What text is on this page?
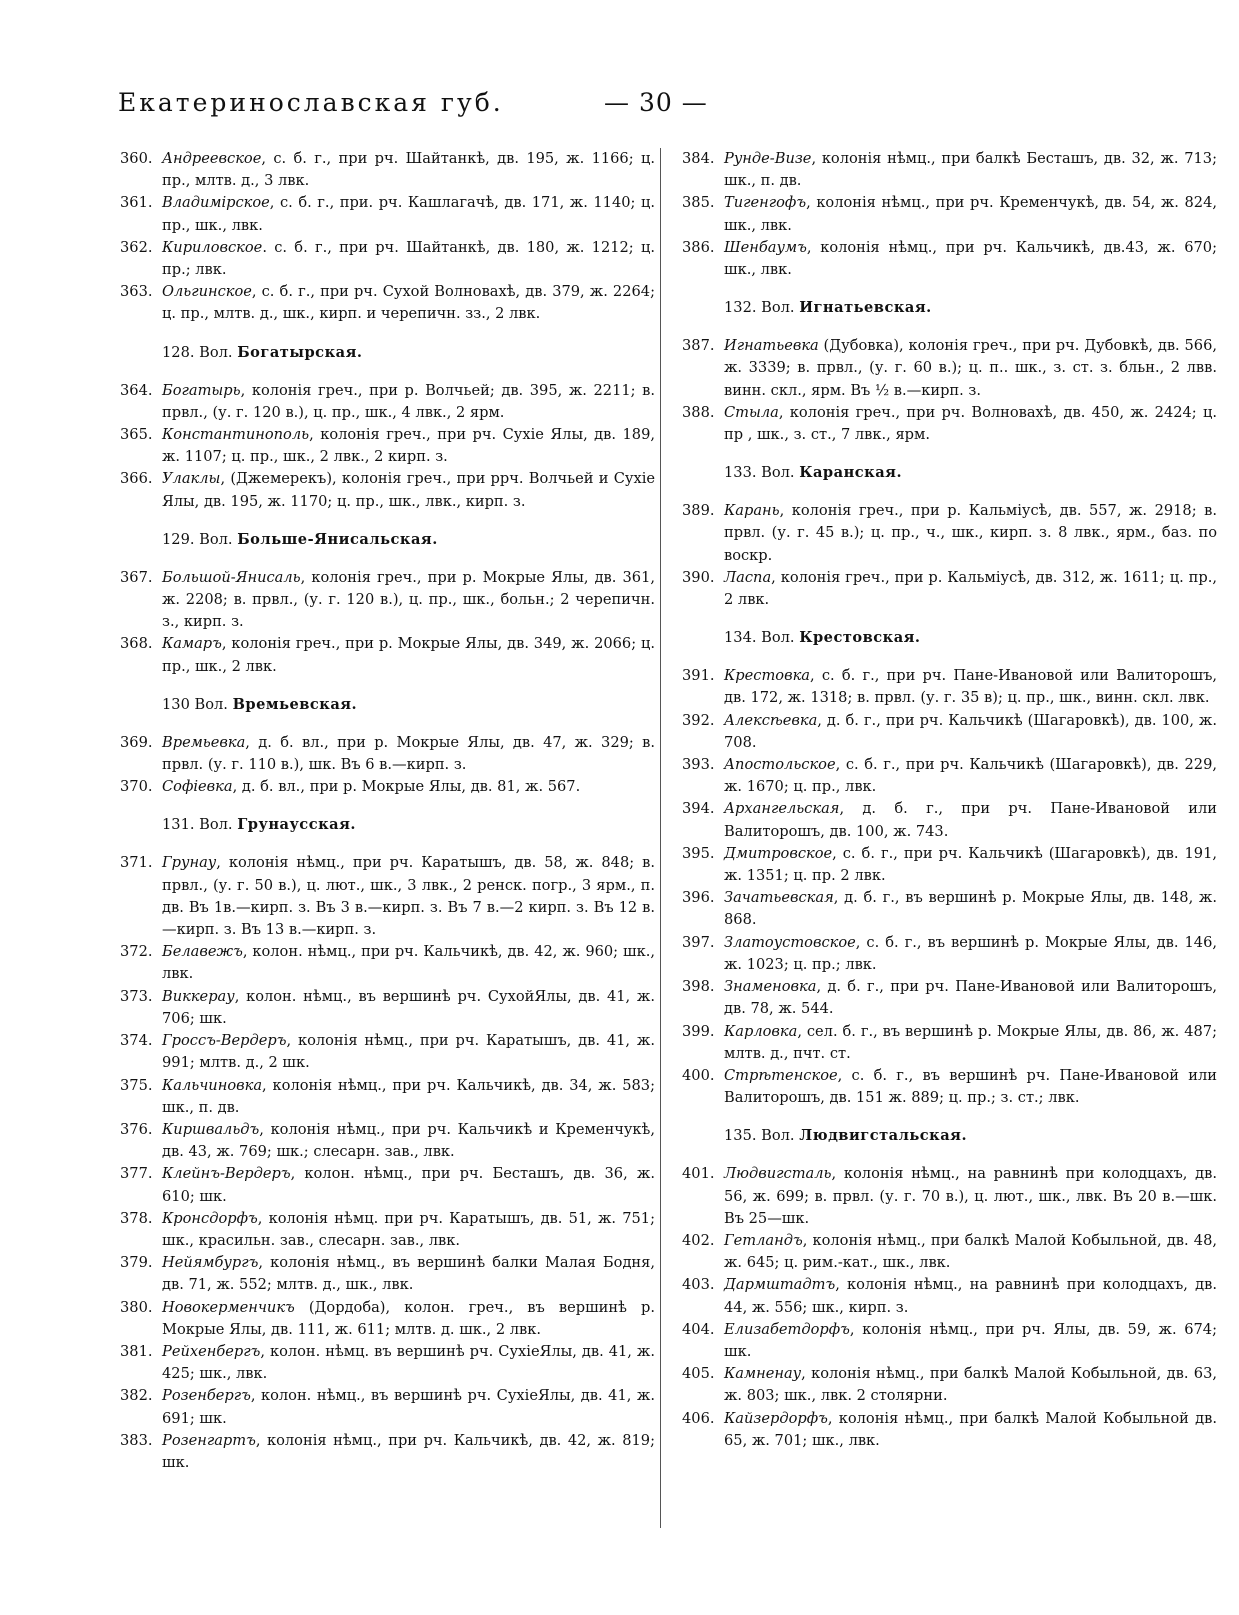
Екатеринославская губ.	— 30 —
360. Андреевское, с. б. г., при рч. Шайтанкѣ, дв. 195, ж. 1166; ц. пр., млтв. д., 3 лвк.
361. Владимірское, с. б. г., при. рч. Кашлагачѣ, дв. 171, ж. 1140; ц. пр., шк., лвк.
362. Кириловское. с. б. г., при рч. Шайтанкѣ, дв. 180, ж. 1212; ц. пр.; лвк.
363. Ольгинское, с. б. г., при рч. Сухой Волновахѣ, дв. 379, ж. 2264; ц. пр., млтв. д., шк., кирп. и черепичн. зз., 2 лвк.
128. Вол. Богатырская.
364. Богатырь, колонія греч., при р. Волчьей; дв. 395, ж. 2211; в. првл., (у. г. 120 в.), ц. пр., шк., 4 лвк., 2 ярм.
365. Константинополь, колонія греч., при рч. Сухіе Ялы, дв. 189, ж. 1107; ц. пр., шк., 2 лвк., 2 кирп. з.
366. Улаклы, (Джемерекъ), колонія греч., при ррч. Волчьей и Сухіе Ялы, дв. 195, ж. 1170; ц. пр., шк., лвк., кирп. з.
129. Вол. Больше-Янисальская.
367. Большой-Янисаль, колонія греч., при р. Мокрые Ялы, дв. 361, ж. 2208; в. првл., (у. г. 120 в.), ц. пр., шк., больн.; 2 черепичн. з., кирп. з.
368. Камаръ, колонія греч., при р. Мокрые Ялы, дв. 349, ж. 2066; ц. пр., шк., 2 лвк.
130 Вол. Времьевская.
369. Времьевка, д. б. вл., при р. Мокрые Ялы, дв. 47, ж. 329; в. првл. (у. г. 110 в.), шк. Въ 6 в.—кирп. з.
370. Софіевка, д. б. вл., при р. Мокрые Ялы, дв. 81, ж. 567.
131. Вол. Грунаусская.
371. Грунау, колонія нѣмц., при рч. Каратышъ, дв. 58, ж. 848; в. првл., (у. г. 50 в.), ц. лют., шк., 3 лвк., 2 ренск. погр., 3 ярм., п. дв. Въ 1в.—кирп. з. Въ 3 в.—кирп. з. Въ 7 в.—2 кирп. з. Въ 12 в.—кирп. з. Въ 13 в.—кирп. з.
372. Белавежъ, колон. нѣмц., при рч. Кальчикѣ, дв. 42, ж. 960; шк., лвк.
373. Виккерау, колон. нѣмц., въ вершинѣ рч. СухойЯлы, дв. 41, ж. 706; шк.
374. Гроссъ-Вердеръ, колонія нѣмц., при рч. Каратышъ, дв. 41, ж. 991; млтв. д., 2 шк.
375. Кальчиновка, колонія нѣмц., при рч. Кальчикѣ, дв. 34, ж. 583; шк., п. дв.
376. Киршвальдъ, колонія нѣмц., при рч. Кальчикѣ и Кременчукѣ, дв. 43, ж. 769; шк.; слесарн. зав., лвк.
377. Клейнъ-Вердеръ, колон. нѣмц., при рч. Бесташъ, дв. 36, ж. 610; шк.
378. Кронсдорфъ, колонія нѣмц. при рч. Каратышъ, дв. 51, ж. 751; шк., красильн. зав., слесарн. зав., лвк.
379. Нейямбургъ, колонія нѣмц., въ вершинѣ балки Малая Бодня, дв. 71, ж. 552; млтв. д., шк., лвк.
380. Новокерменчикъ (Дордоба), колон. греч., въ вершинѣ р. Мокрые Ялы, дв. 111, ж. 611; млтв. д. шк., 2 лвк.
381. Рейхенбергъ, колон. нѣмц. въ вершинѣ рч. СухіеЯлы, дв. 41, ж. 425; шк., лвк.
382. Розенбергъ, колон. нѣмц., въ вершинѣ рч. СухіеЯлы, дв. 41, ж. 691; шк.
383. Розенгартъ, колонія нѣмц., при рч. Кальчикѣ, дв. 42, ж. 819; шк.
384. Рунде-Визе, колонія нѣмц., при балкѣ Бесташъ, дв. 32, ж. 713; шк., п. дв.
385. Тигенгофъ, колонія нѣмц., при рч. Кременчукѣ, дв. 54, ж. 824, шк., лвк.
386. Шенбаумъ, колонія нѣмц., при рч. Кальчикѣ, дв.43, ж. 670; шк., лвк.
132. Вол. Игнатьевская.
387. Игнатьевка (Дубовка), колонія греч., при рч. Дубовкѣ, дв. 566, ж. 3339; в. првл., (у. г. 60 в.); ц. п.. шк., з. ст. з. бльн., 2 лвв. винн. скл., ярм. Въ ½ в.—кирп. з.
388. Стыла, колонія греч., при рч. Волновахѣ, дв. 450, ж. 2424; ц. пр , шк., з. ст., 7 лвк., ярм.
133. Вол. Каранская.
389. Карань, колонія греч., при р. Кальміусѣ, дв. 557, ж. 2918; в. првл. (у. г. 45 в.); ц. пр., ч., шк., кирп. з. 8 лвк., ярм., баз. по воскр.
390. Ласпа, колонія греч., при р. Кальміусѣ, дв. 312, ж. 1611; ц. пр., 2 лвк.
134. Вол. Крестовская.
391. Крестовка, с. б. г., при рч. Пане-Ивановой или Валиторошъ, дв. 172, ж. 1318; в. првл. (у. г. 35 в); ц. пр., шк., винн. скл. лвк.
392. Алексѣевка, д. б. г., при рч. Кальчикѣ (Шагаровкѣ), дв. 100, ж. 708.
393. Апостольское, с. б. г., при рч. Кальчикѣ (Шагаровкѣ), дв. 229, ж. 1670; ц. пр., лвк.
394. Архангельская, д. б. г., при рч. Пане-Ивановой или Валиторошъ, дв. 100, ж. 743.
395. Дмитровское, с. б. г., при рч. Кальчикѣ (Шагаровкѣ), дв. 191, ж. 1351; ц. пр. 2 лвк.
396. Зачатьевская, д. б. г., въ вершинѣ р. Мокрые Ялы, дв. 148, ж. 868.
397. Златоустовское, с. б. г., въ вершинѣ р. Мокрые Ялы, дв. 146, ж. 1023; ц. пр.; лвк.
398. Знаменовка, д. б. г., при рч. Пане-Ивановой или Валиторошъ, дв. 78, ж. 544.
399. Карловка, сел. б. г., въ вершинѣ р. Мокрые Ялы, дв. 86, ж. 487; млтв. д., пчт. ст.
400. Стрѣтенское, с. б. г., въ вершинѣ рч. Пане-Ивановой или Валиторошъ, дв. 151 ж. 889; ц. пр.; з. ст.; лвк.
135. Вол. Людвигстальская.
401. Людвигсталь, колонія нѣмц., на равнинѣ при колодцахъ, дв. 56, ж. 699; в. првл. (у. г. 70 в.), ц. лют., шк., лвк. Въ 20 в.—шк. Въ 25—шк.
402. Гетландъ, колонія нѣмц., при балкѣ Малой Кобыльной, дв. 48, ж. 645; ц. рим.-кат., шк., лвк.
403. Дармштадтъ, колонія нѣмц., на равнинѣ при колодцахъ, дв. 44, ж. 556; шк., кирп. з.
404. Елизабетдорфъ, колонія нѣмц., при рч. Ялы, дв. 59, ж. 674; шк.
405. Камненау, колонія нѣмц., при балкѣ Малой Кобыльной, дв. 63, ж. 803; шк., лвк. 2 столярни.
406. Кайзердорфъ, колонія нѣмц., при балкѣ Малой Кобыльной дв. 65, ж. 701; шк., лвк.
